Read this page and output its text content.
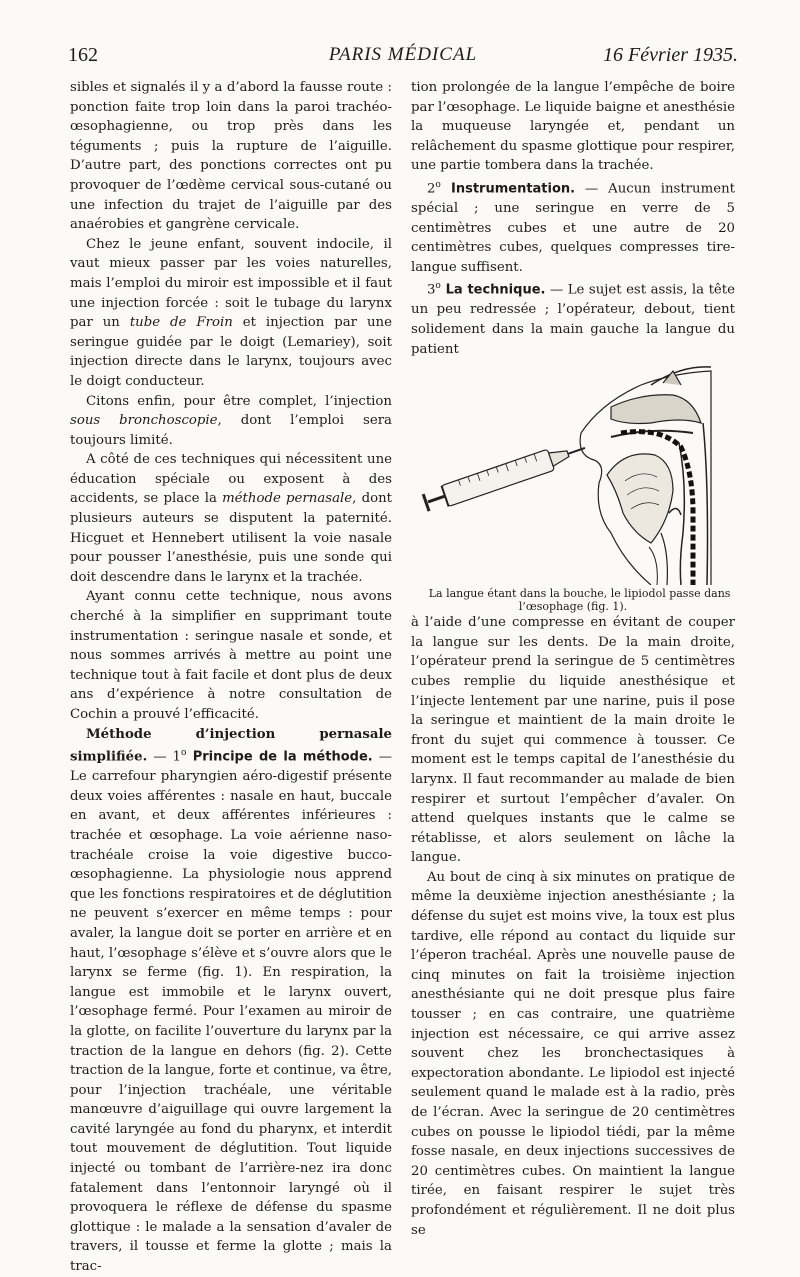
162	PARIS MÉDICAL	16 Février 1935.

sibles et signalés il y a d’abord la fausse route : ponction faite trop loin dans la paroi trachéo-œsophagienne, ou trop près dans les téguments ; puis la rupture de l’aiguille. D’autre part, des ponctions correctes ont pu provoquer de l’œdème cervical sous-cutané ou une infection du trajet de l’aiguille par des anaérobies et gangrène cervicale.

Chez le jeune enfant, souvent indocile, il vaut mieux passer par les voies naturelles, mais l’emploi du miroir est impossible et il faut une injection forcée : soit le tubage du larynx par un tube de Froin et injection par une seringue guidée par le doigt (Lemariey), soit injection directe dans le larynx, toujours avec le doigt conducteur.

Citons enfin, pour être complet, l’injection sous bronchoscopie, dont l’emploi sera toujours limité.

A côté de ces techniques qui nécessitent une éducation spéciale ou exposent à des accidents, se place la méthode pernasale, dont plusieurs auteurs se disputent la paternité. Hicguet et Hennebert utilisent la voie nasale pour pousser l’anesthésie, puis une sonde qui doit descendre dans le larynx et la trachée.

Ayant connu cette technique, nous avons cherché à la simplifier en supprimant toute instrumentation : seringue nasale et sonde, et nous sommes arrivés à mettre au point une technique tout à fait facile et dont plus de deux ans d’expérience à notre consultation de Cochin a prouvé l’efficacité.

Méthode d’injection pernasale simplifiée. — 1$^o$ Principe de la méthode. — Le carrefour pharyngien aéro-digestif présente deux voies afférentes : nasale en haut, buccale en avant, et deux afférentes inférieures : trachée et œsophage. La voie aérienne naso-trachéale croise la voie digestive bucco-œsophagienne. La physiologie nous apprend que les fonctions respiratoires et de déglutition ne peuvent s’exercer en même temps : pour avaler, la langue doit se porter en arrière et en haut, l’œsophage s’élève et s’ouvre alors que le larynx se ferme (fig. 1). En respiration, la langue est immobile et le larynx ouvert, l’œsophage fermé. Pour l’examen au miroir de la glotte, on facilite l’ouverture du larynx par la traction de la langue en dehors (fig. 2). Cette traction de la langue, forte et continue, va être, pour l’injection trachéale, une véritable manœuvre d’aiguillage qui ouvre largement la cavité laryngée au fond du pharynx, et interdit tout mouvement de déglutition. Tout liquide injecté ou tombant de l’arrière-nez ira donc fatalement dans l’entonnoir laryngé où il provoquera le réflexe de défense du spasme glottique : le malade a la sensation d’avaler de travers, il tousse et ferme la glotte ; mais la trac-

tion prolongée de la langue l’empêche de boire par l’œsophage. Le liquide baigne et anesthésie la muqueuse laryngée et, pendant un relâchement du spasme glottique pour respirer, une partie tombera dans la trachée.

2$^o$ Instrumentation. — Aucun instrument spécial ; une seringue en verre de 5 centimètres cubes et une autre de 20 centimètres cubes, quelques compresses tire-langue suffisent.

3$^o$ La technique. — Le sujet est assis, la tête un peu redressée ; l’opérateur, debout, tient solidement dans la main gauche la langue du patient

La langue étant dans la bouche, le lipiodol passe dans l’œsophage (fig. 1).

à l’aide d’une compresse en évitant de couper la langue sur les dents. De la main droite, l’opérateur prend la seringue de 5 centimètres cubes remplie du liquide anesthésique et l’injecte lentement par une narine, puis il pose la seringue et maintient de la main droite le front du sujet qui commence à tousser. Ce moment est le temps capital de l’anesthésie du larynx. Il faut recommander au malade de bien respirer et surtout l’empêcher d’avaler. On attend quelques instants que le calme se rétablisse, et alors seulement on lâche la langue.

Au bout de cinq à six minutes on pratique de même la deuxième injection anesthésiante ; la défense du sujet est moins vive, la toux est plus tardive, elle répond au contact du liquide sur l’éperon trachéal. Après une nouvelle pause de cinq minutes on fait la troisième injection anesthésiante qui ne doit presque plus faire tousser ; en cas contraire, une quatrième injection est nécessaire, ce qui arrive assez souvent chez les bronchectasiques à expectoration abondante. Le lipiodol est injecté seulement quand le malade est à la radio, près de l’écran. Avec la seringue de 20 centimètres cubes on pousse le lipiodol tiédi, par la même fosse nasale, en deux injections successives de 20 centimètres cubes. On maintient la langue tirée, en faisant respirer le sujet très profondément et régulièrement. Il ne doit plus se
